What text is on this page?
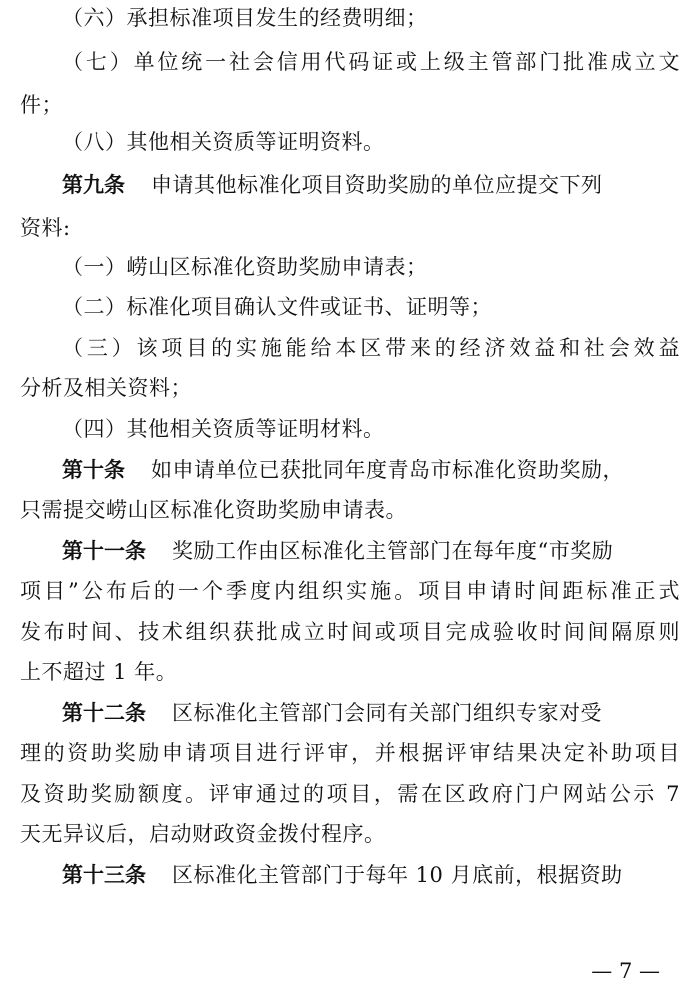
（六）承担标准项目发生的经费明细；
（七）单位统一社会信用代码证或上级主管部门批准成立文
件；
（八）其他相关资质等证明资料。
第九条 申请其他标准化项目资助奖励的单位应提交下列
资料:
（一）崂山区标准化资助奖励申请表；
（二）标准化项目确认文件或证书、证明等；
（三）该项目的实施能给本区带来的经济效益和社会效益
分析及相关资料；
（四）其他相关资质等证明材料。
第十条 如申请单位已获批同年度青岛市标准化资助奖励，
只需提交崂山区标准化资助奖励申请表。
第十一条 奖励工作由区标准化主管部门在每年度“市奖励
项目”公布后的一个季度内组织实施。项目申请时间距标准正式
发布时间、技术组织获批成立时间或项目完成验收时间间隔原则
上不超过 1 年。
第十二条 区标准化主管部门会同有关部门组织专家对受
理的资助奖励申请项目进行评审，并根据评审结果决定补助项目
及资助奖励额度。评审通过的项目，需在区政府门户网站公示 7
天无异议后，启动财政资金拨付程序。
第十三条 区标准化主管部门于每年 10 月底前，根据资助
— 7 —
